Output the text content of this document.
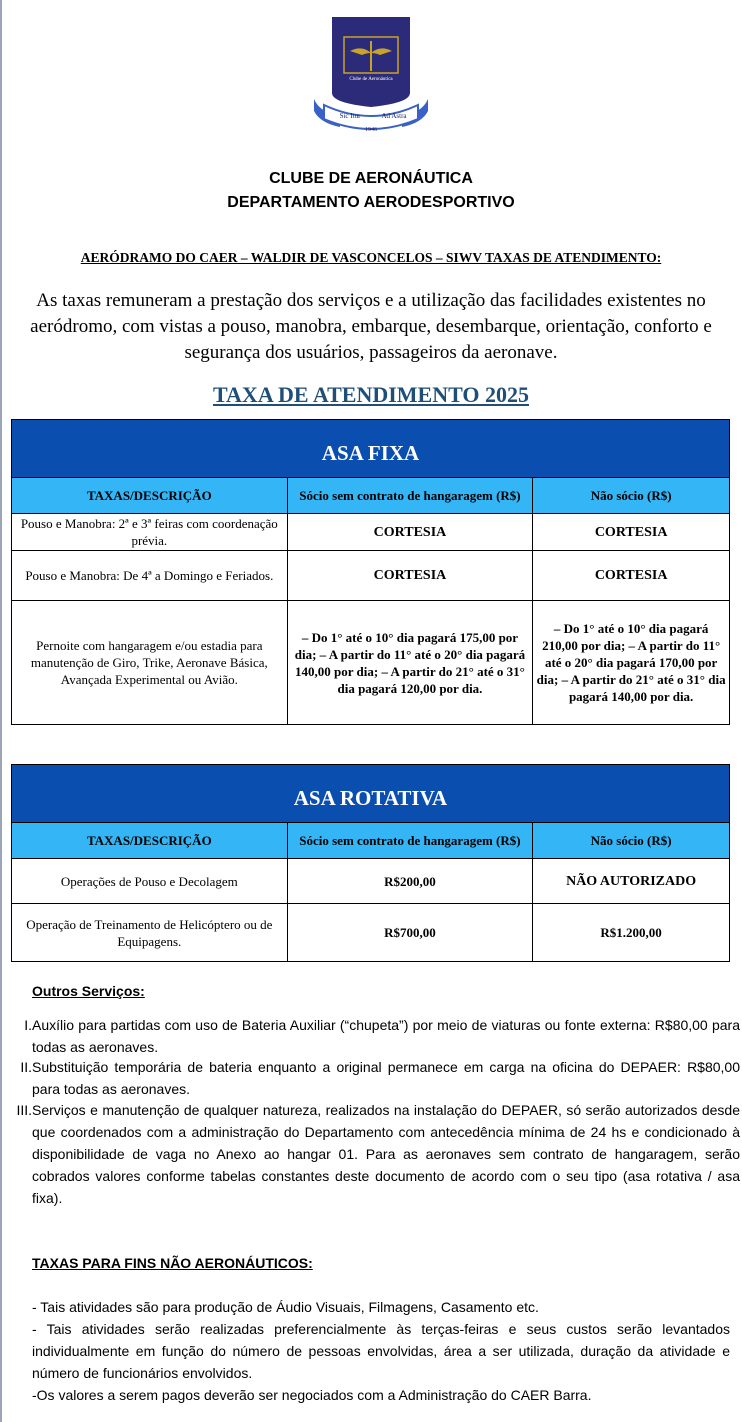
Clube de Aeronáutica
Sic Itur	Ad Astra
1946
CLUBE DE AERONÁUTICA
DEPARTAMENTO AERODESPORTIVO
AERÓDRAMO DO CAER – WALDIR DE VASCONCELOS – SIWV TAXAS DE ATENDIMENTO:
As taxas remuneram a prestação dos serviços e a utilização das facilidades existentes no aeródromo, com vistas a pouso, manobra, embarque, desembarque, orientação, conforto e segurança dos usuários, passageiros da aeronave.
TAXA DE ATENDIMENTO 2025
ASA FIXA		
TAXAS/DESCRIÇÃO	Sócio sem contrato de hangaragem (R$)	Não sócio (R$)
Pouso e Manobra: 2ª e 3ª feiras com coordenação prévia.	CORTESIA	CORTESIA
Pouso e Manobra: De 4ª a Domingo e Feriados.	CORTESIA	CORTESIA
Pernoite com hangaragem e/ou estadia para manutenção de Giro, Trike, Aeronave Básica, Avançada Experimental ou Avião.	– Do 1° até o 10° dia pagará 175,00 por dia; – A partir do 11° até o 20° dia pagará 140,00 por dia; – A partir do 21° até o 31° dia pagará 120,00 por dia.	– Do 1° até o 10° dia pagará 210,00 por dia; – A partir do 11° até o 20° dia pagará 170,00 por dia; – A partir do 21° até o 31° dia pagará 140,00 por dia.
ASA ROTATIVA		
TAXAS/DESCRIÇÃO	Sócio sem contrato de hangaragem (R$)	Não sócio (R$)
Operações de Pouso e Decolagem	R$200,00	NÃO AUTORIZADO
Operação de Treinamento de Helicóptero ou de Equipagens.	R$700,00	R$1.200,00
Outros Serviços:
I. Auxílio para partidas com uso de Bateria Auxiliar (“chupeta”) por meio de viaturas ou fonte externa: R$80,00 para todas as aeronaves.
II. Substituição temporária de bateria enquanto a original permanece em carga na oficina do DEPAER: R$80,00 para todas as aeronaves.
III. Serviços e manutenção de qualquer natureza, realizados na instalação do DEPAER, só serão autorizados desde que coordenados com a administração do Departamento com antecedência mínima de 24 hs e condicionado à disponibilidade de vaga no Anexo ao hangar 01. Para as aeronaves sem contrato de hangaragem, serão cobrados valores conforme tabelas constantes deste documento de acordo com o seu tipo (asa rotativa / asa fixa).
TAXAS PARA FINS NÃO AERONÁUTICOS:
- Tais atividades são para produção de Áudio Visuais, Filmagens, Casamento etc.
- Tais atividades serão realizadas preferencialmente às terças-feiras e seus custos serão levantados individualmente em função do número de pessoas envolvidas, área a ser utilizada, duração da atividade e número de funcionários envolvidos.
-Os valores a serem pagos deverão ser negociados com a Administração do CAER Barra.
